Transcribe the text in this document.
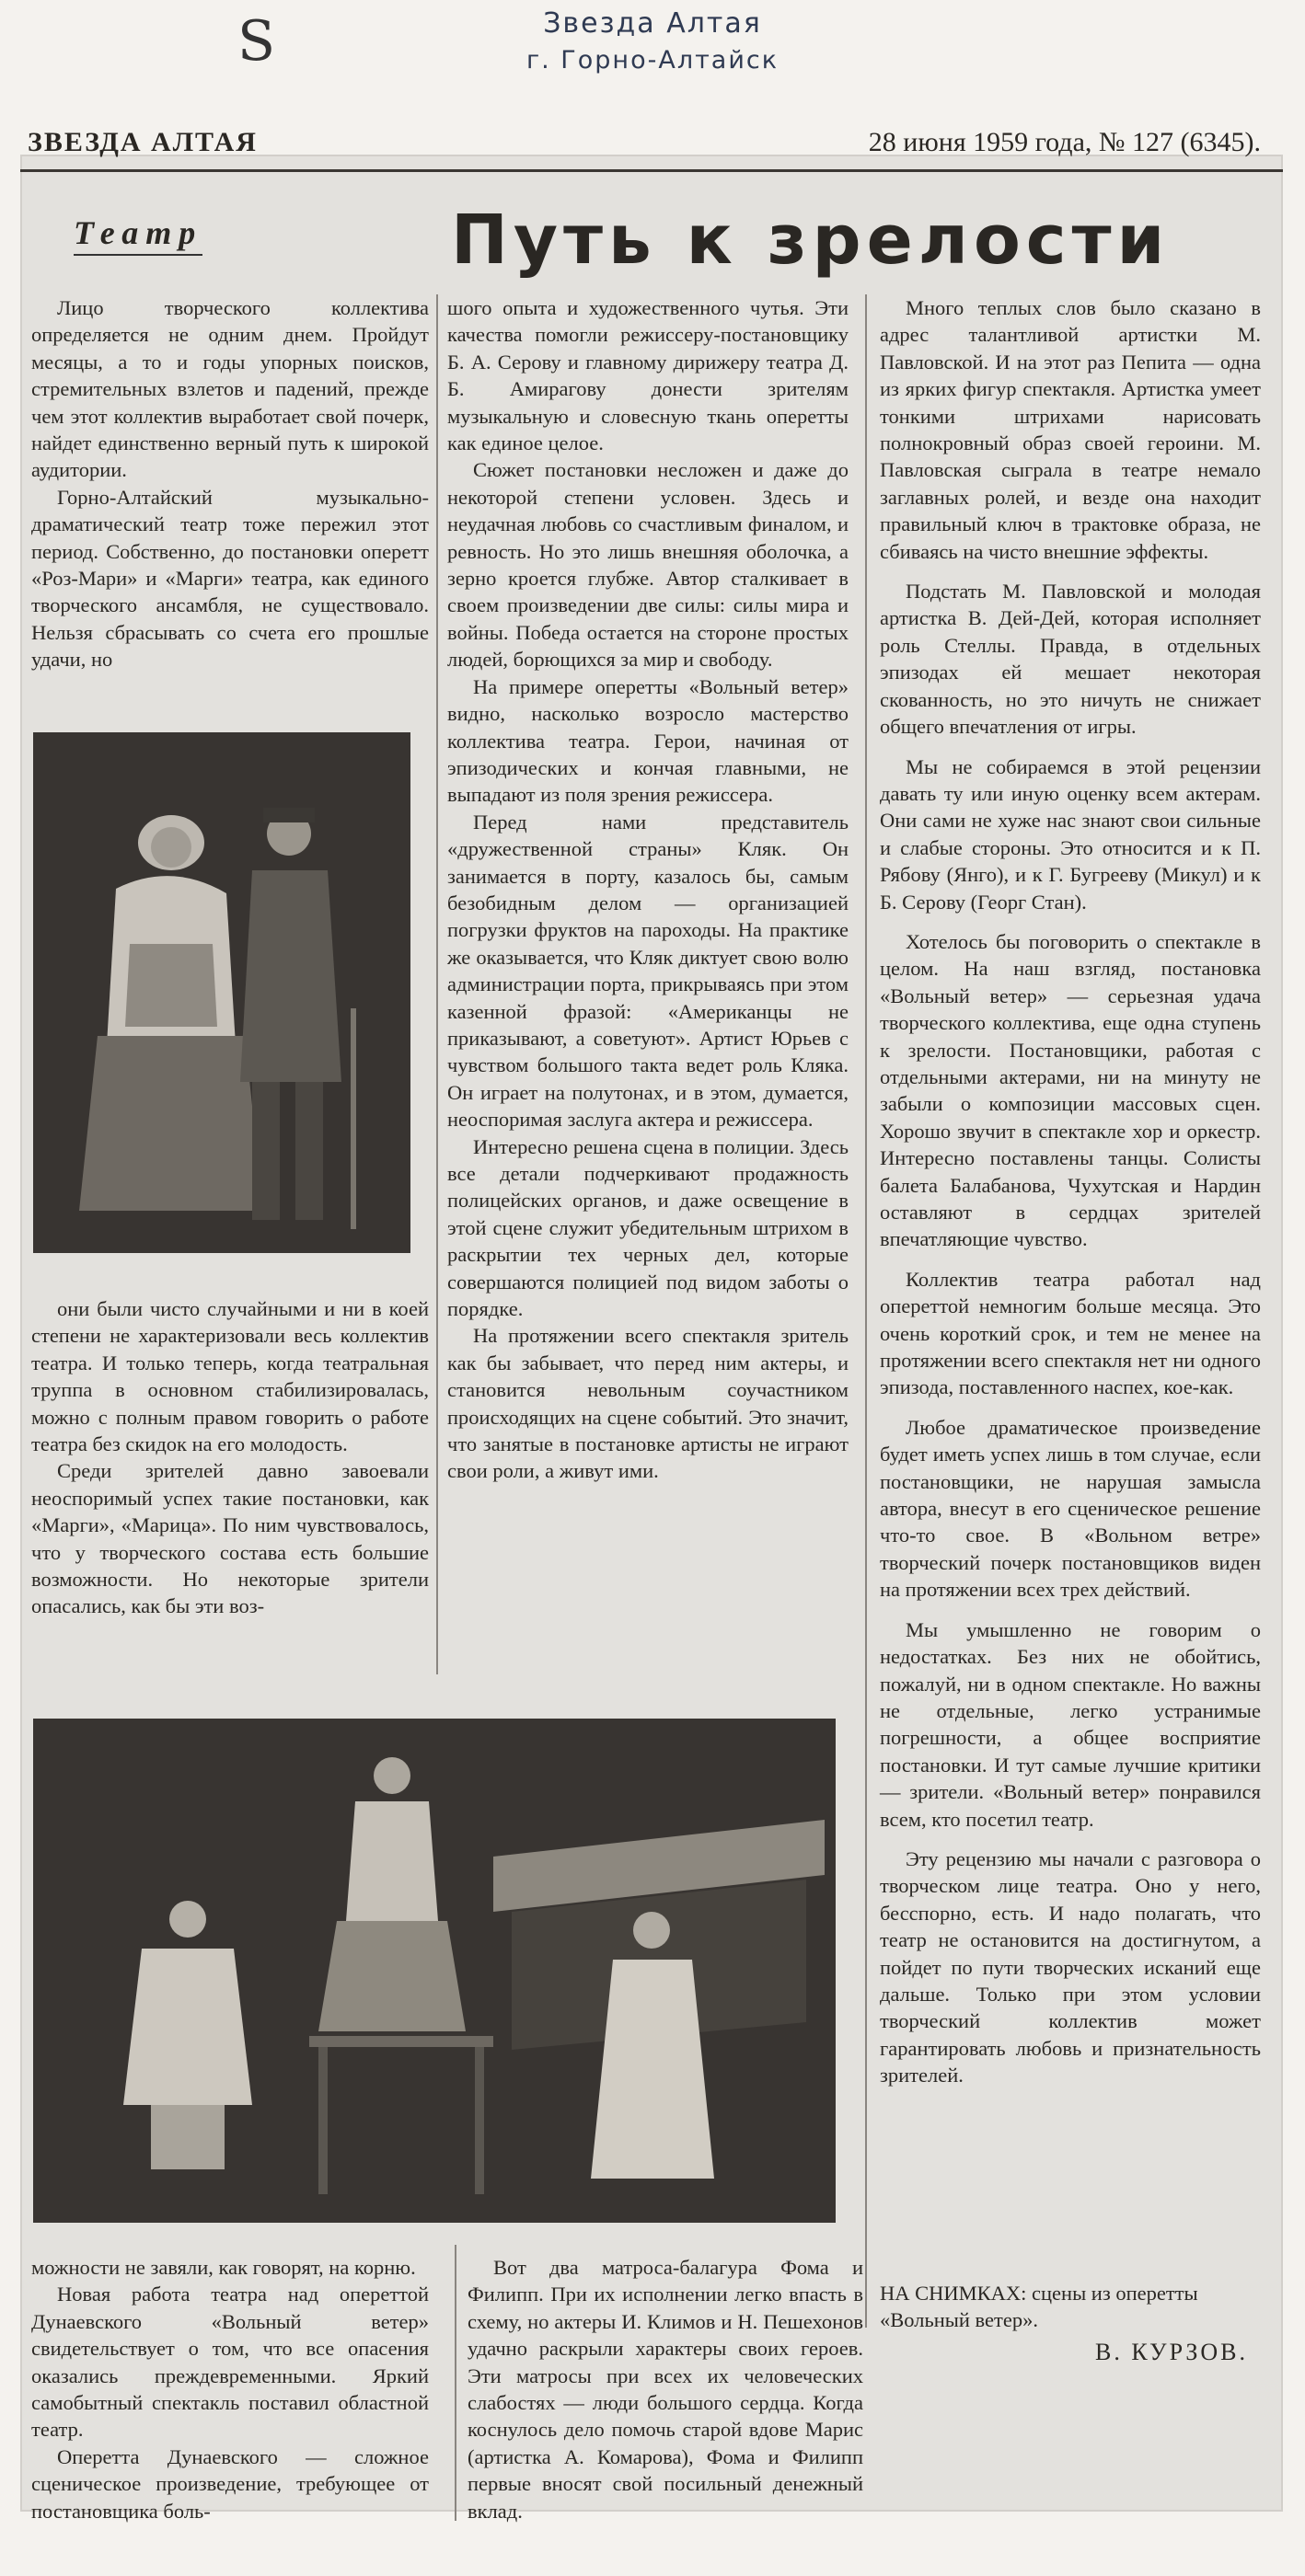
S	Звезда Алтая
г. Горно-Алтайск
ЗВЕЗДА АЛТАЯ	28 июня 1959 года, № 127 (6345).
Театр	Путь к зрелости

Лицо творческого коллектива определяется не одним днем. Пройдут месяцы, а то и годы упорных поисков, стремительных взлетов и падений, прежде чем этот коллектив выработает свой почерк, найдет единственно верный путь к широкой аудитории.

Горно-Алтайский музыкально-драматический театр тоже пережил этот период. Собственно, до постановки оперетт «Роз-Мари» и «Марги» театра, как единого творческого ансамбля, не существовало. Нельзя сбрасывать со счета его прошлые удачи, но

они были чисто случайными и ни в коей степени не характеризовали весь коллектив театра. И только теперь, когда театральная труппа в основном стабилизировалась, можно с полным правом говорить о работе театра без скидок на его молодость.

Среди зрителей давно завоевали неоспоримый успех такие постановки, как «Марги», «Марица». По ним чувствовалось, что у творческого состава есть большие возможности. Но некоторые зрители опасались, как бы эти воз-

шого опыта и художественного чутья. Эти качества помогли режиссеру-постановщику Б. А. Серову и главному дирижеру театра Д. Б. Амирагову донести зрителям музыкальную и словесную ткань оперетты как единое целое.

Сюжет постановки несложен и даже до некоторой степени условен. Здесь и неудачная любовь со счастливым финалом, и ревность. Но это лишь внешняя оболочка, а зерно кроется глубже. Автор сталкивает в своем произведении две силы: силы мира и войны. Победа остается на стороне простых людей, борющихся за мир и свободу.

На примере оперетты «Вольный ветер» видно, насколько возросло мастерство коллектива театра. Герои, начиная от эпизодических и кончая главными, не выпадают из поля зрения режиссера.

Перед нами представитель «дружественной страны» Кляк. Он занимается в порту, казалось бы, самым безобидным делом — организацией погрузки фруктов на пароходы. На практике же оказывается, что Кляк диктует свою волю администрации порта, прикрываясь при этом казенной фразой: «Американцы не приказывают, а советуют». Артист Юрьев с чувством большого такта ведет роль Кляка. Он играет на полутонах, и в этом, думается, неоспоримая заслуга актера и режиссера.

Интересно решена сцена в полиции. Здесь все детали подчеркивают продажность полицейских органов, и даже освещение в этой сцене служит убедительным штрихом в раскрытии тех черных дел, которые совершаются полицией под видом заботы о порядке.

На протяжении всего спектакля зритель как бы забывает, что перед ним актеры, и становится невольным соучастником происходящих на сцене событий. Это значит, что занятые в постановке артисты не играют свои роли, а живут ими.

можности не завяли, как говорят, на корню.

Новая работа театра над опереттой Дунаевского «Вольный ветер» свидетельствует о том, что все опасения оказались преждевременными. Яркий самобытный спектакль поставил областной театр.

Оперетта Дунаевского — сложное сценическое произведение, требующее от постановщика боль-

Вот два матроса-балагура Фома и Филипп. При их исполнении легко впасть в схему, но актеры И. Климов и Н. Пешехонов удачно раскрыли характеры своих героев. Эти матросы при всех их человеческих слабостях — люди большого сердца. Когда коснулось дело помочь старой вдове Марис (артистка А. Комарова), Фома и Филипп первые вносят свой посильный денежный вклад.

Много теплых слов было сказано в адрес талантливой артистки М. Павловской. И на этот раз Пепита — одна из ярких фигур спектакля. Артистка умеет тонкими штрихами нарисовать полнокровный образ своей героини. М. Павловская сыграла в театре немало заглавных ролей, и везде она находит правильный ключ в трактовке образа, не сбиваясь на чисто внешние эффекты.

Подстать М. Павловской и молодая артистка В. Дей-Дей, которая исполняет роль Стеллы. Правда, в отдельных эпизодах ей мешает некоторая скованность, но это ничуть не снижает общего впечатления от игры.

Мы не собираемся в этой рецензии давать ту или иную оценку всем актерам. Они сами не хуже нас знают свои сильные и слабые стороны. Это относится и к П. Рябову (Янго), и к Г. Бугрееву (Микул) и к Б. Серову (Георг Стан).

Хотелось бы поговорить о спектакле в целом. На наш взгляд, постановка «Вольный ветер» — серьезная удача творческого коллектива, еще одна ступень к зрелости. Постановщики, работая с отдельными актерами, ни на минуту не забыли о композиции массовых сцен. Хорошо звучит в спектакле хор и оркестр. Интересно поставлены танцы. Солисты балета Балабанова, Чухутская и Нардин оставляют в сердцах зрителей впечатляющие чувство.

Коллектив театра работал над опереттой немногим больше месяца. Это очень короткий срок, и тем не менее на протяжении всего спектакля нет ни одного эпизода, поставленного наспех, кое-как.

Любое драматическое произведение будет иметь успех лишь в том случае, если постановщики, не нарушая замысла автора, внесут в его сценическое решение что-то свое. В «Вольном ветре» творческий почерк постановщиков виден на протяжении всех трех действий.

Мы умышленно не говорим о недостатках. Без них не обойтись, пожалуй, ни в одном спектакле. Но важны не отдельные, легко устранимые погрешности, а общее восприятие постановки. И тут самые лучшие критики — зрители. «Вольный ветер» понравился всем, кто посетил театр.

Эту рецензию мы начали с разговора о творческом лице театра. Оно у него, бесспорно, есть. И надо полагать, что театр не остановится на достигнутом, а пойдет по пути творческих исканий еще дальше. Только при этом условии творческий коллектив может гарантировать любовь и признательность зрителей.

НА СНИМКАХ: сцены из оперетты «Вольный ветер».
В. КУРЗОВ.
